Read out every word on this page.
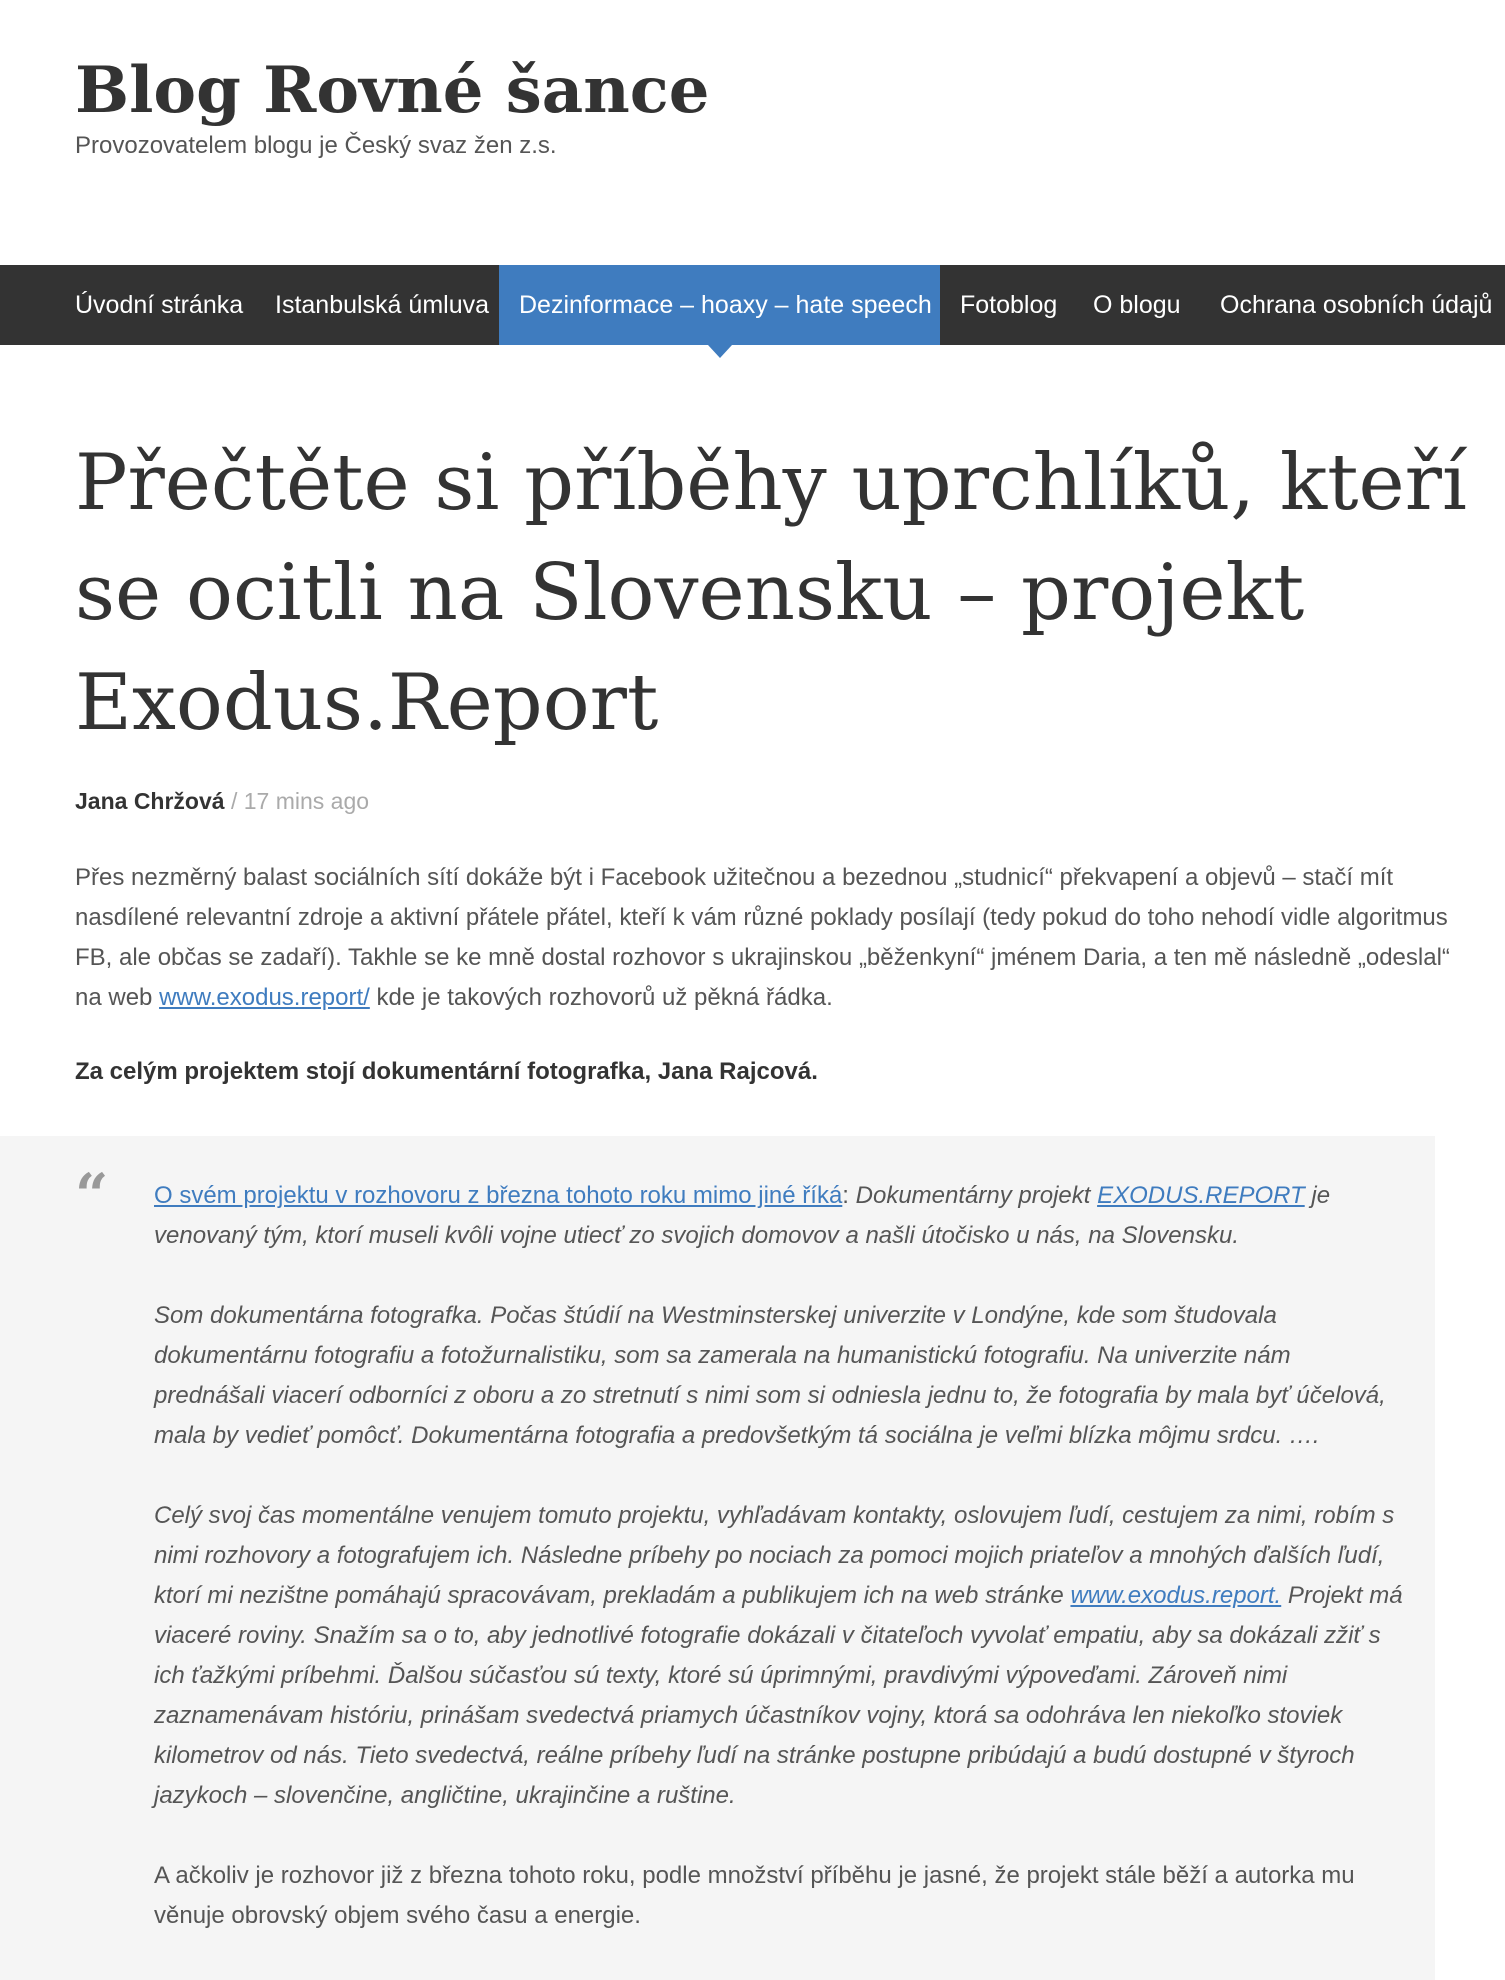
Blog Rovné šance
Provozovatelem blogu je Český svaz žen z.s.
Úvodní stránka	Istanbulská úmluva	Dezinformace – hoaxy – hate speech	Fotoblog	O blogu	Ochrana osobních údajů
Přečtěte si příběhy uprchlíků, kteří se ocitli na Slovensku – projekt Exodus.Report
Jana Chržová / 17 mins ago

Přes nezměrný balast sociálních sítí dokáže být i Facebook užitečnou a bezednou „studnicí“ překvapení a objevů – stačí mít nasdílené relevantní zdroje a aktivní přátele přátel, kteří k vám různé poklady posílají (tedy pokud do toho nehodí vidle algoritmus FB, ale občas se zadaří). Takhle se ke mně dostal rozhovor s ukrajinskou „běženkyní“ jménem Daria, a ten mě následně „odeslal“ na web www.exodus.report/ kde je takových rozhovorů už pěkná řádka.

Za celým projektem stojí dokumentární fotografka, Jana Rajcová.

“ O svém projektu v rozhovoru z března tohoto roku mimo jiné říká: Dokumentárny projekt EXODUS.REPORT je venovaný tým, ktorí museli kvôli vojne utiecť zo svojich domovov a našli útočisko u nás, na Slovensku.

Som dokumentárna fotografka. Počas štúdií na Westminsterskej univerzite v Londýne, kde som študovala dokumentárnu fotografiu a fotožurnalistiku, som sa zamerala na humanistickú fotografiu. Na univerzite nám prednášali viacerí odborníci z oboru a zo stretnutí s nimi som si odniesla jednu to, že fotografia by mala byť účelová, mala by vedieť pomôcť. Dokumentárna fotografia a predovšetkým tá sociálna je veľmi blízka môjmu srdcu. ….

Celý svoj čas momentálne venujem tomuto projektu, vyhľadávam kontakty, oslovujem ľudí, cestujem za nimi, robím s nimi rozhovory a fotografujem ich. Následne príbehy po nociach za pomoci mojich priateľov a mnohých ďalších ľudí, ktorí mi nezištne pomáhajú spracovávam, prekladám a publikujem ich na web stránke www.exodus.report. Projekt má viaceré roviny. Snažím sa o to, aby jednotlivé fotografie dokázali v čitateľoch vyvolať empatiu, aby sa dokázali zžiť s ich ťažkými príbehmi. Ďalšou súčasťou sú texty, ktoré sú úprimnými, pravdivými výpoveďami. Zároveň nimi zaznamenávam históriu, prinášam svedectvá priamych účastníkov vojny, ktorá sa odohráva len niekoľko stoviek kilometrov od nás. Tieto svedectvá, reálne príbehy ľudí na stránke postupne pribúdajú a budú dostupné v štyroch jazykoch – slovenčine, angličtine, ukrajinčine a ruštine.

A ačkoliv je rozhovor již z března tohoto roku, podle množství příběhu je jasné, že projekt stále běží a autorka mu věnuje obrovský objem svého času a energie.
